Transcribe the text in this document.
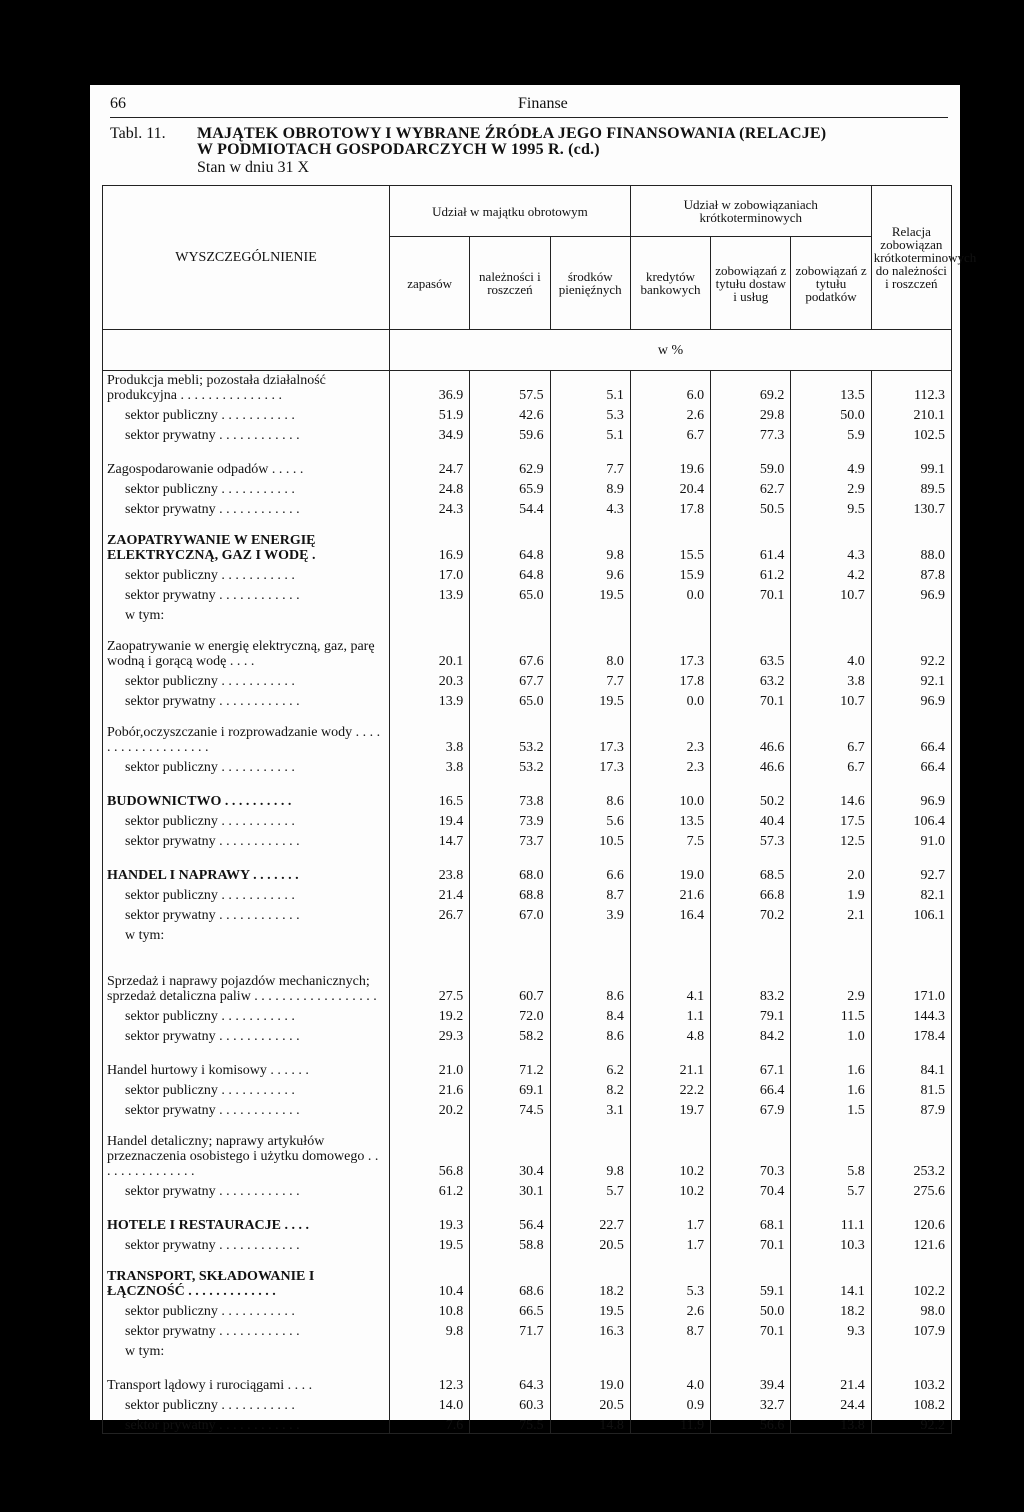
66	Finanse
Tabl. 11. MAJĄTEK OBROTOWY I WYBRANE ŹRÓDŁA JEGO FINANSOWANIA (RELACJE)
W PODMIOTACH GOSPODARCZYCH W 1995 R. (cd.)
Stan w dniu 31 X
WYSZCZEGÓLNIENIE	Udział w majątku obrotowym			Udział w zobowiązaniach krótkoterminowych			Relacja zobowiązan krótkoterminowych do należności i roszczeń
	zapasów	należności i roszczeń	środków pienięźnych	kredytów bankowych	zobowiązań z tytułu dostaw i usług	zobowiązań z tytułu podatków	
	w %						
Produkcja mebli; pozostała działalność produkcyjna . . . . . . . . . . . . . . .	36.9	57.5	5.1	6.0	69.2	13.5	112.3
sektor publiczny . . . . . . . . . . .	51.9	42.6	5.3	2.6	29.8	50.0	210.1
sektor prywatny . . . . . . . . . . . .	34.9	59.6	5.1	6.7	77.3	5.9	102.5

Zagospodarowanie odpadów . . . . .	24.7	62.9	7.7	19.6	59.0	4.9	99.1
sektor publiczny . . . . . . . . . . .	24.8	65.9	8.9	20.4	62.7	2.9	89.5
sektor prywatny . . . . . . . . . . . .	24.3	54.4	4.3	17.8	50.5	9.5	130.7

ZAOPATRYWANIE W ENERGIĘ ELEKTRYCZNĄ, GAZ I WODĘ .	16.9	64.8	9.8	15.5	61.4	4.3	88.0
sektor publiczny . . . . . . . . . . .	17.0	64.8	9.6	15.9	61.2	4.2	87.8
sektor prywatny . . . . . . . . . . . .	13.9	65.0	19.5	0.0	70.1	10.7	96.9
w tym:							

Zaopatrywanie w energię elektryczną, gaz, parę wodną i gorącą wodę . . . .	20.1	67.6	8.0	17.3	63.5	4.0	92.2
sektor publiczny . . . . . . . . . . .	20.3	67.7	7.7	17.8	63.2	3.8	92.1
sektor prywatny . . . . . . . . . . . .	13.9	65.0	19.5	0.0	70.1	10.7	96.9

Pobór,oczyszczanie i rozprowadzanie wody . . . . . . . . . . . . . . . . . . .	3.8	53.2	17.3	2.3	46.6	6.7	66.4
sektor publiczny . . . . . . . . . . .	3.8	53.2	17.3	2.3	46.6	6.7	66.4

BUDOWNICTWO . . . . . . . . . .	16.5	73.8	8.6	10.0	50.2	14.6	96.9
sektor publiczny . . . . . . . . . . .	19.4	73.9	5.6	13.5	40.4	17.5	106.4
sektor prywatny . . . . . . . . . . . .	14.7	73.7	10.5	7.5	57.3	12.5	91.0

HANDEL I NAPRAWY . . . . . . .	23.8	68.0	6.6	19.0	68.5	2.0	92.7
sektor publiczny . . . . . . . . . . .	21.4	68.8	8.7	21.6	66.8	1.9	82.1
sektor prywatny . . . . . . . . . . . .	26.7	67.0	3.9	16.4	70.2	2.1	106.1
w tym:							

Sprzedaż i naprawy pojazdów mechanicznych; sprzedaż detaliczna paliw . . . . . . . . . . . . . . . . . .	27.5	60.7	8.6	4.1	83.2	2.9	171.0
sektor publiczny . . . . . . . . . . .	19.2	72.0	8.4	1.1	79.1	11.5	144.3
sektor prywatny . . . . . . . . . . . .	29.3	58.2	8.6	4.8	84.2	1.0	178.4

Handel hurtowy i komisowy . . . . . .	21.0	71.2	6.2	21.1	67.1	1.6	84.1
sektor publiczny . . . . . . . . . . .	21.6	69.1	8.2	22.2	66.4	1.6	81.5
sektor prywatny . . . . . . . . . . . .	20.2	74.5	3.1	19.7	67.9	1.5	87.9

Handel detaliczny; naprawy artykułów przeznaczenia osobistego i użytku domowego . . . . . . . . . . . . . . .	56.8	30.4	9.8	10.2	70.3	5.8	253.2
sektor prywatny . . . . . . . . . . . .	61.2	30.1	5.7	10.2	70.4	5.7	275.6

HOTELE I RESTAURACJE . . . .	19.3	56.4	22.7	1.7	68.1	11.1	120.6
sektor prywatny . . . . . . . . . . . .	19.5	58.8	20.5	1.7	70.1	10.3	121.6

TRANSPORT, SKŁADOWANIE I ŁĄCZNOŚĆ . . . . . . . . . . . . .	10.4	68.6	18.2	5.3	59.1	14.1	102.2
sektor publiczny . . . . . . . . . . .	10.8	66.5	19.5	2.6	50.0	18.2	98.0
sektor prywatny . . . . . . . . . . . .	9.8	71.7	16.3	8.7	70.1	9.3	107.9
w tym:							

Transport lądowy i rurociągami . . . .	12.3	64.3	19.0	4.0	39.4	21.4	103.2
sektor publiczny . . . . . . . . . . .	14.0	60.3	20.5	0.9	32.7	24.4	108.2
sektor prywatny . . . . . . . . . . . .	7.6	75.5	14.8	11.9	56.6	13.8	92.2
